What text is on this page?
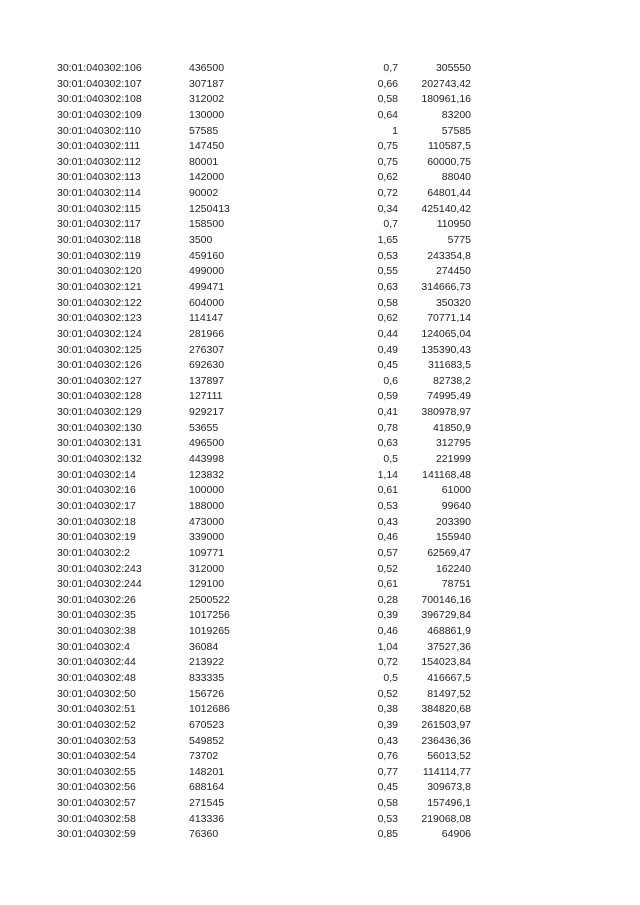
30:01:040302:106	436500	0,7	305550
30:01:040302:107	307187	0,66 202743,42
30:01:040302:108	312002	0,58 180961,16
30:01:040302:109	130000	0,64	83200
30:01:040302:110	57585	1	57585
30:01:040302:111	147450	0,75	110587,5
30:01:040302:112	80001	0,75	60000,75
30:01:040302:113	142000	0,62	88040
30:01:040302:114	90002	0,72	64801,44
30:01:040302:115	1250413	0,34 425140,42
30:01:040302:117	158500	0,7	110950
30:01:040302:118	3500	1,65	5775
30:01:040302:119	459160	0,53	243354,8
30:01:040302:120	499000	0,55	274450
30:01:040302:121	499471	0,63 314666,73
30:01:040302:122	604000	0,58	350320
30:01:040302:123	114147	0,62	70771,14
30:01:040302:124	281966	0,44 124065,04
30:01:040302:125	276307	0,49 135390,43
30:01:040302:126	692630	0,45	311683,5
30:01:040302:127	137897	0,6	82738,2
30:01:040302:128	127111	0,59	74995,49
30:01:040302:129	929217	0,41 380978,97
30:01:040302:130	53655	0,78	41850,9
30:01:040302:131	496500	0,63	312795
30:01:040302:132	443998	0,5	221999
30:01:040302:14	123832	1,14 141168,48
30:01:040302:16	100000	0,61	61000
30:01:040302:17	188000	0,53	99640
30:01:040302:18	473000	0,43	203390
30:01:040302:19	339000	0,46	155940
30:01:040302:2	109771	0,57	62569,47
30:01:040302:243	312000	0,52	162240
30:01:040302:244	129100	0,61	78751
30:01:040302:26	2500522	0,28 700146,16
30:01:040302:35	1017256	0,39 396729,84
30:01:040302:38	1019265	0,46	468861,9
30:01:040302:4	36084	1,04	37527,36
30:01:040302:44	213922	0,72 154023,84
30:01:040302:48	833335	0,5	416667,5
30:01:040302:50	156726	0,52	81497,52
30:01:040302:51	1012686	0,38 384820,68
30:01:040302:52	670523	0,39 261503,97
30:01:040302:53	549852	0,43 236436,36
30:01:040302:54	73702	0,76	56013,52
30:01:040302:55	148201	0,77 114114,77
30:01:040302:56	688164	0,45	309673,8
30:01:040302:57	271545	0,58	157496,1
30:01:040302:58	413336	0,53 219068,08
30:01:040302:59	76360	0,85	64906
